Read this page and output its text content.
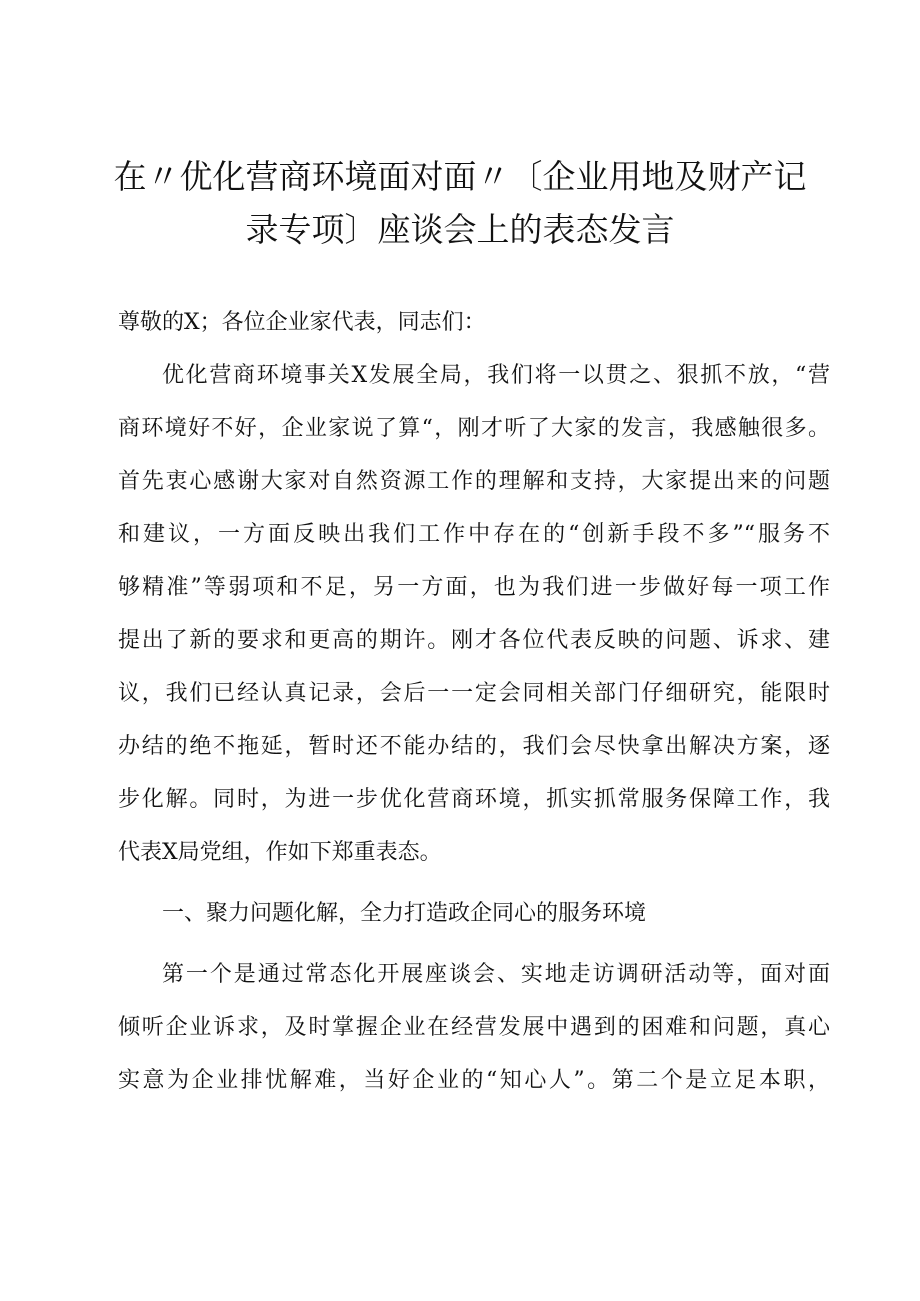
在〃优化营商环境面对面〃〔企业用地及财产记
录专项〕座谈会上的表态发言
尊敬的X；各位企业家代表，同志们：
优化营商环境事关X发展全局，我们将一以贯之、狠抓不放，“营
商环境好不好，企业家说了算“，刚才听了大家的发言，我感触很多。
首先衷心感谢大家对自然资源工作的理解和支持，大家提出来的问题
和建议，一方面反映出我们工作中存在的“创新手段不多”“服务不
够精准”等弱项和不足，另一方面，也为我们进一步做好每一项工作
提出了新的要求和更高的期许。刚才各位代表反映的问题、诉求、建
议，我们已经认真记录，会后一一定会同相关部门仔细研究，能限时
办结的绝不拖延，暂时还不能办结的，我们会尽快拿出解决方案，逐
步化解。同时，为进一步优化营商环境，抓实抓常服务保障工作，我
代表X局党组，作如下郑重表态。
一、聚力问题化解，全力打造政企同心的服务环境
第一个是通过常态化开展座谈会、实地走访调研活动等，面对面
倾听企业诉求，及时掌握企业在经营发展中遇到的困难和问题，真心
实意为企业排忧解难，当好企业的“知心人”。第二个是立足本职，
